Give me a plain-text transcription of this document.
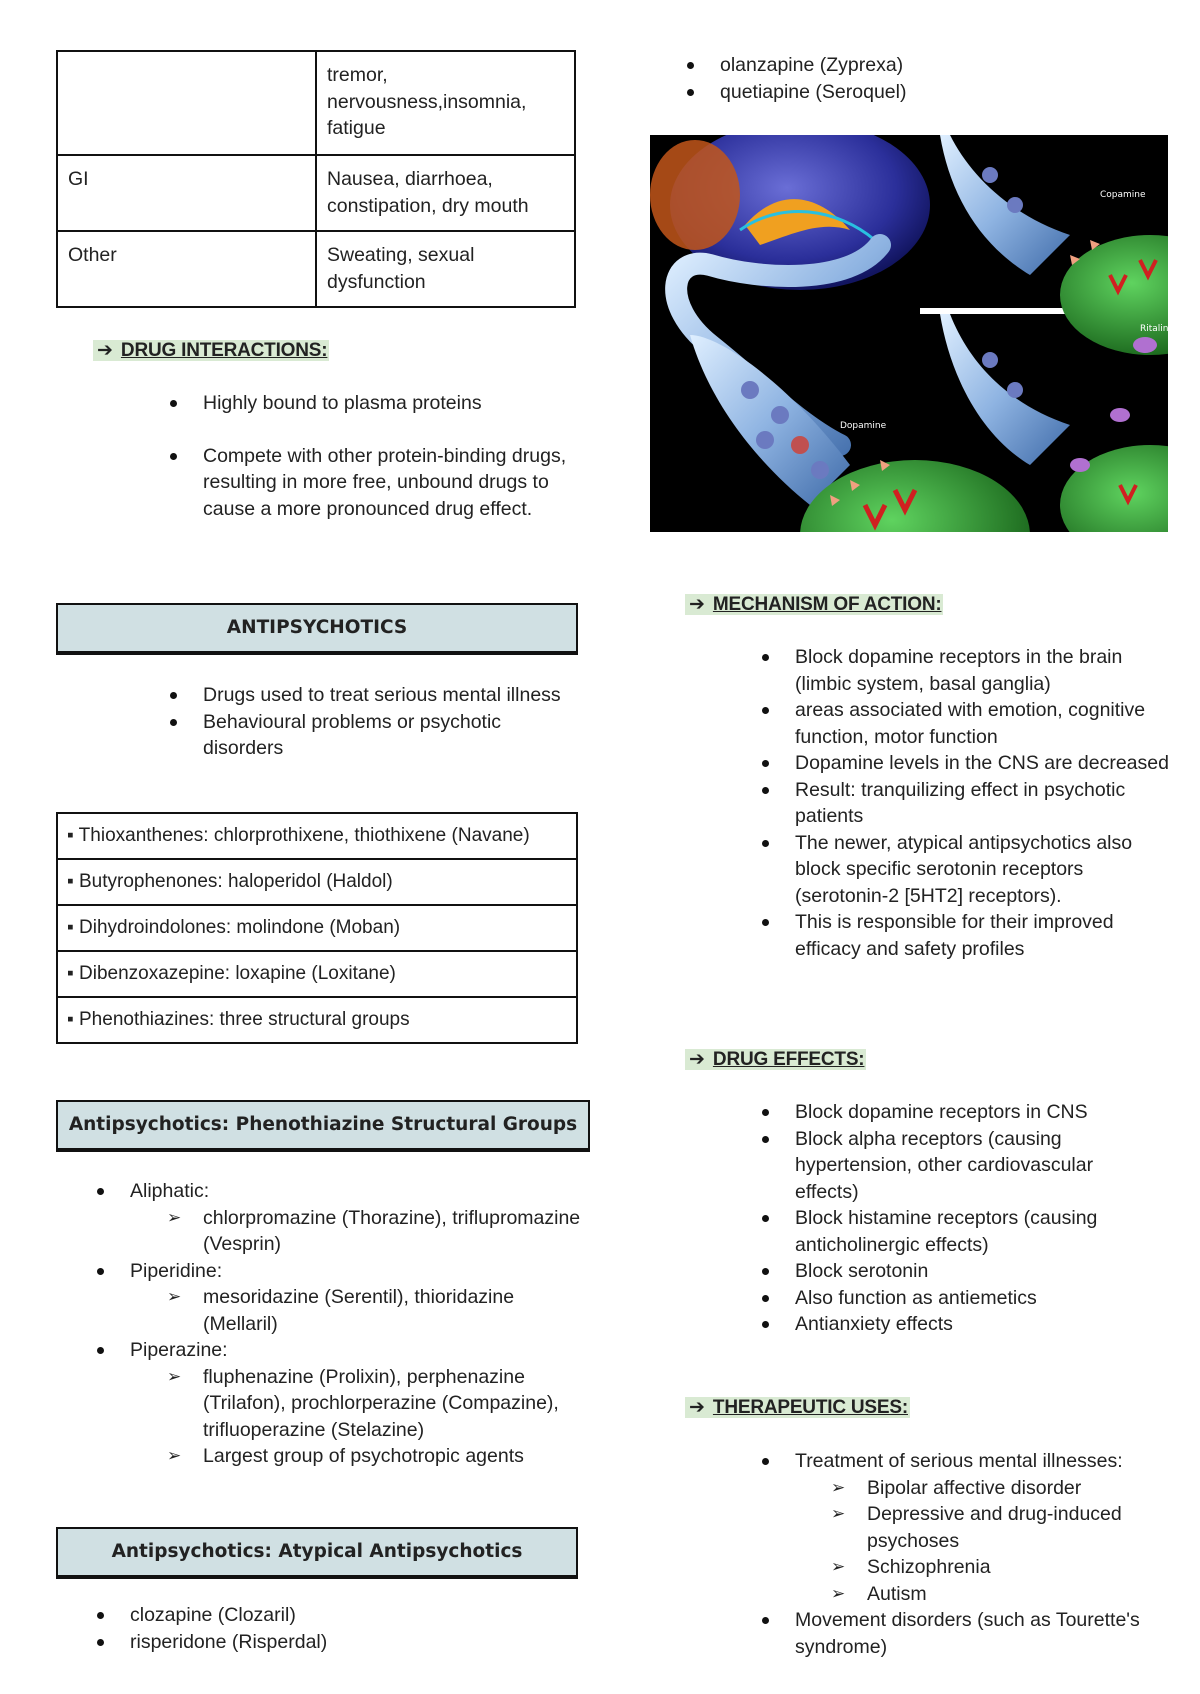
	tremor, nervousness,insomnia, fatigue
GI	Nausea, diarrhoea, constipation, dry mouth
Other	Sweating, sexual dysfunction
➔ DRUG INTERACTIONS:
Highly bound to plasma proteins
Compete with other protein-binding drugs, resulting in more free, unbound drugs to cause a more pronounced drug effect.
ANTIPSYCHOTICS
Drugs used to treat serious mental illness
Behavioural problems or psychotic disorders
▪ Thioxanthenes: chlorprothixene, thiothixene (Navane)
▪ Butyrophenones: haloperidol (Haldol)
▪ Dihydroindolones: molindone (Moban)
▪ Dibenzoxazepine: loxapine (Loxitane)
▪ Phenothiazines: three structural groups
Antipsychotics: Phenothiazine Structural Groups
Aliphatic:
➢ chlorpromazine (Thorazine), triflupromazine (Vesprin)
Piperidine:
➢ mesoridazine (Serentil), thioridazine (Mellaril)
Piperazine:
➢ fluphenazine (Prolixin), perphenazine (Trilafon), prochlorperazine (Compazine), trifluoperazine (Stelazine)
➢ Largest group of psychotropic agents
Antipsychotics: Atypical Antipsychotics
clozapine (Clozaril)
risperidone (Risperdal)
olanzapine (Zyprexa)
quetiapine (Seroquel)
Copamine
Dopamine
Ritalin
➔ MECHANISM OF ACTION:
Block dopamine receptors in the brain (limbic system, basal ganglia)
areas associated with emotion, cognitive function, motor function
Dopamine levels in the CNS are decreased
Result: tranquilizing effect in psychotic patients
The newer, atypical antipsychotics also block specific serotonin receptors (serotonin-2 [5HT2] receptors).
This is responsible for their improved efficacy and safety profiles
➔ DRUG EFFECTS:
Block dopamine receptors in CNS
Block alpha receptors (causing hypertension, other cardiovascular effects)
Block histamine receptors (causing anticholinergic effects)
Block serotonin
Also function as antiemetics
Antianxiety effects
➔ THERAPEUTIC USES:
Treatment of serious mental illnesses:
➢ Bipolar affective disorder
➢ Depressive and drug-induced psychoses
➢ Schizophrenia
➢ Autism
Movement disorders (such as Tourette's syndrome)
